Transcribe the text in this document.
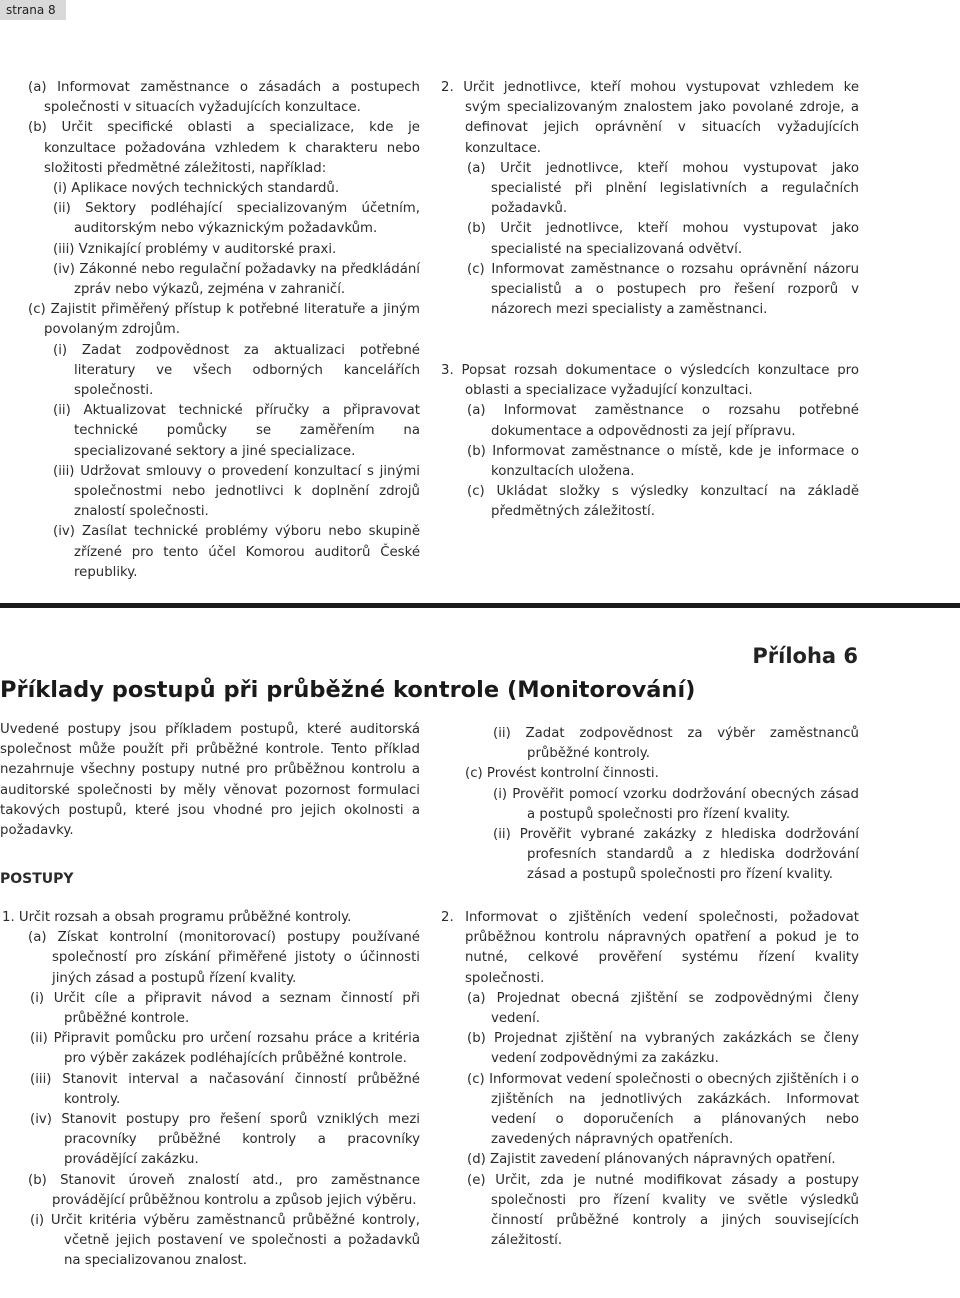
strana 8

(a) Informovat zaměstnance o zásadách a postupech společnosti v situacích vyžadujících konzultace.

(b) Určit specifické oblasti a specializace, kde je konzultace požadována vzhledem k charakteru nebo složitosti předmětné záležitosti, například:

(i) Aplikace nových technických standardů.

(ii) Sektory podléhající specializovaným účetním, auditorským nebo výkaznickým požadavkům.

(iii) Vznikající problémy v auditorské praxi.

(iv) Zákonné nebo regulační požadavky na předkládání zpráv nebo výkazů, zejména v zahraničí.

(c) Zajistit přiměřený přístup k potřebné literatuře a jiným povolaným zdrojům.

(i) Zadat zodpovědnost za aktualizaci potřebné literatury ve všech odborných kancelářích společnosti.

(ii) Aktualizovat technické příručky a připravovat technické pomůcky se zaměřením na specializované sektory a jiné specializace.

(iii) Udržovat smlouvy o provedení konzultací s jinými společnostmi nebo jednotlivci k doplnění zdrojů znalostí společnosti.

(iv) Zasílat technické problémy výboru nebo skupině zřízené pro tento účel Komorou auditorů České republiky.

2. Určit jednotlivce, kteří mohou vystupovat vzhledem ke svým specializovaným znalostem jako povolané zdroje, a definovat jejich oprávnění v situacích vyžadujících konzultace.

(a) Určit jednotlivce, kteří mohou vystupovat jako specialisté při plnění legislativních a regulačních požadavků.

(b) Určit jednotlivce, kteří mohou vystupovat jako specialisté na specializovaná odvětví.

(c) Informovat zaměstnance o rozsahu oprávnění názoru specialistů a o postupech pro řešení rozporů v názorech mezi specialisty a zaměstnanci.

3. Popsat rozsah dokumentace o výsledcích konzultace pro oblasti a specializace vyžadující konzultaci.

(a) Informovat zaměstnance o rozsahu potřebné dokumentace a odpovědnosti za její přípravu.

(b) Informovat zaměstnance o místě, kde je informace o konzultacích uložena.

(c) Ukládat složky s výsledky konzultací na základě předmětných záležitostí.

Příloha 6
Příklady postupů při průběžné kontrole (Monitorování)

Uvedené postupy jsou příkladem postupů, které auditorská společnost může použít při průběžné kontrole. Tento příklad nezahrnuje všechny postupy nutné pro průběžnou kontrolu a auditorské společnosti by měly věnovat pozornost formulaci takových postupů, které jsou vhodné pro jejich okolnosti a požadavky.

POSTUPY

(ii) Zadat zodpovědnost za výběr zaměstnanců průběžné kontroly.

(c) Provést kontrolní činnosti.

(i) Prověřit pomocí vzorku dodržování obecných zásad a postupů společnosti pro řízení kvality.

(ii) Prověřit vybrané zakázky z hlediska dodržování profesních standardů a z hlediska dodržování zásad a postupů společnosti pro řízení kvality.

1. Určit rozsah a obsah programu průběžné kontroly.

(a) Získat kontrolní (monitorovací) postupy používané společností pro získání přiměřené jistoty o účinnosti jiných zásad a postupů řízení kvality.

(i) Určit cíle a připravit návod a seznam činností při průběžné kontrole.

(ii) Připravit pomůcku pro určení rozsahu práce a kritéria pro výběr zakázek podléhajících průběžné kontrole.

(iii) Stanovit interval a načasování činností průběžné kontroly.

(iv) Stanovit postupy pro řešení sporů vzniklých mezi pracovníky průběžné kontroly a pracovníky provádějící zakázku.

(b) Stanovit úroveň znalostí atd., pro zaměstnance provádějící průběžnou kontrolu a způsob jejich výběru.

(i) Určit kritéria výběru zaměstnanců průběžné kontroly, včetně jejich postavení ve společnosti a požadavků na specializovanou znalost.

2. Informovat o zjištěních vedení společnosti, požadovat průběžnou kontrolu nápravných opatření a pokud je to nutné, celkové prověření systému řízení kvality společnosti.

(a) Projednat obecná zjištění se zodpovědnými členy vedení.

(b) Projednat zjištění na vybraných zakázkách se členy vedení zodpovědnými za zakázku.

(c) Informovat vedení společnosti o obecných zjištěních i o zjištěních na jednotlivých zakázkách. Informovat vedení o doporučeních a plánovaných nebo zavedených nápravných opatřeních.

(d) Zajistit zavedení plánovaných nápravných opatření.

(e) Určit, zda je nutné modifikovat zásady a postupy společnosti pro řízení kvality ve světle výsledků činností průběžné kontroly a jiných souvisejících záležitostí.
